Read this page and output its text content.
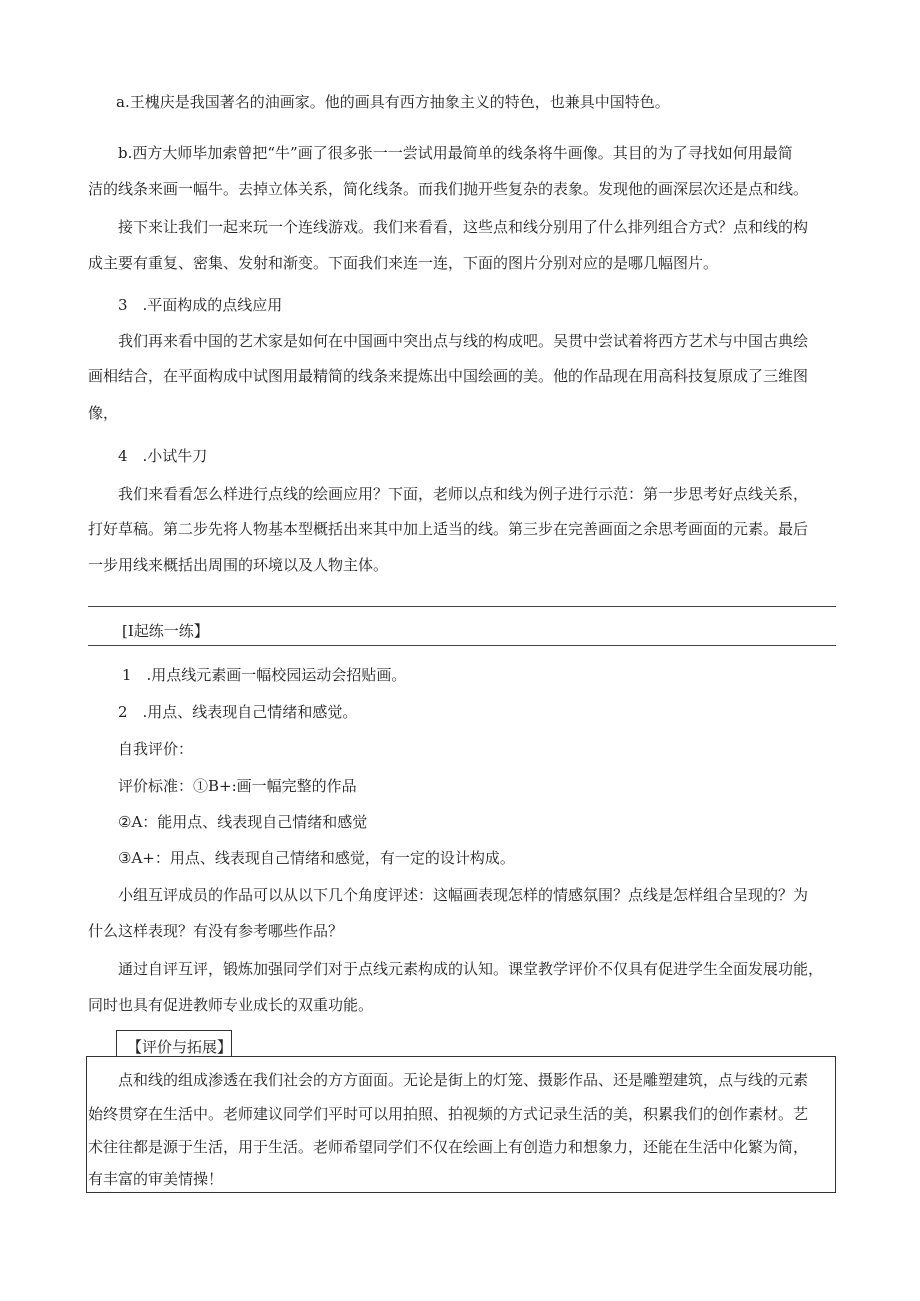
a.王槐庆是我国著名的油画家。他的画具有西方抽象主义的特色，也兼具中国特色。

b.西方大师毕加索曾把“牛”画了很多张一一尝试用最简单的线条将牛画像。其目的为了寻找如何用最简

洁的线条来画一幅牛。去掉立体关系，简化线条。而我们抛开些复杂的表象。发现他的画深层次还是点和线。

接下来让我们一起来玩一个连线游戏。我们来看看，这些点和线分别用了什么排列组合方式？点和线的构

成主要有重复、密集、发射和渐变。下面我们来连一连，下面的图片分别对应的是哪几幅图片。

3　.平面构成的点线应用

我们再来看中国的艺术家是如何在中国画中突出点与线的构成吧。吴贯中尝试着将西方艺术与中国古典绘

画相结合，在平面构成中试图用最精简的线条来提炼出中国绘画的美。他的作品现在用高科技复原成了三维图

像，

4　.小试牛刀

我们来看看怎么样进行点线的绘画应用？下面，老师以点和线为例子进行示范：第一步思考好点线关系，

打好草稿。第二步先将人物基本型概括出来其中加上适当的线。第三步在完善画面之余思考画面的元素。最后

一步用线来概括出周围的环境以及人物主体。

[I起练一练】

1　.用点线元素画一幅校园运动会招贴画。

2　.用点、线表现自己情绪和感觉。

自我评价：

评价标准：①B+:画一幅完整的作品

②A：能用点、线表现自己情绪和感觉

③A+：用点、线表现自己情绪和感觉，有一定的设计构成。

小组互评成员的作品可以从以下几个角度评述：这幅画表现怎样的情感氛围？点线是怎样组合呈现的？为

什么这样表现？有没有参考哪些作品？

通过自评互评，锻炼加强同学们对于点线元素构成的认知。课堂教学评价不仅具有促进学生全面发展功能，

同时也具有促进教师专业成长的双重功能。

【评价与拓展】

点和线的组成渗透在我们社会的方方面面。无论是街上的灯笼、摄影作品、还是雕塑建筑，点与线的元素

始终贯穿在生活中。老师建议同学们平时可以用拍照、拍视频的方式记录生活的美，积累我们的创作素材。艺

术往往都是源于生活，用于生活。老师希望同学们不仅在绘画上有创造力和想象力，还能在生活中化繁为简，

有丰富的审美情操！
